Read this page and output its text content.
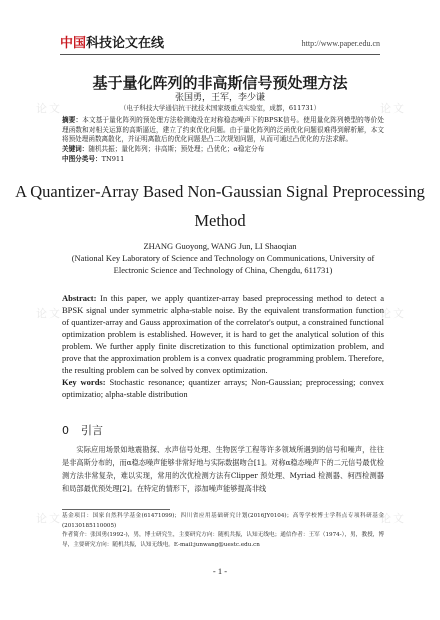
论文	论文
论文	论文
论文	论文
中国科技论文在线	http://www.paper.edu.cn
基于量化阵列的非高斯信号预处理方法
张国勇，王军，李少谦
（电子科技大学通信抗干扰技术国家级重点实验室，成都，611731）
摘要：本文基于量化阵列的预处理方法检测淹没在对称稳态噪声下的BPSK信号。使用量化阵列模型的等价处理函数和对相关运算的高斯逼近，建立了约束优化问题。由于量化阵列的泛函优化问题很难得到解析解，本文将预处理函数离散化，并证明离散后的优化问题是凸二次规划问题，从而可通过凸优化的方法求解。
关键词：随机共振；量化阵列；非高斯；预处理；凸优化；α稳定分布
中图分类号：TN911
A Quantizer-Array Based Non-Gaussian Signal Preprocessing Method
ZHANG Guoyong, WANG Jun, LI Shaoqian
(National Key Laboratory of Science and Technology on Communications, University of Electronic Science and Technology of China, Chengdu, 611731)
Abstract: In this paper, we apply quantizer-array based preprocessing method to detect a BPSK signal under symmetric alpha-stable noise. By the equivalent transformation function of quantizer-array and Gauss approximation of the correlator's output, a constrained functional optimization problem is established. However, it is hard to get the analytical solution of this problem. We further apply finite discretization to this functional optimization problem, and prove that the approximation problem is a convex quadratic programming problem. Therefore, the resulting problem can be solved by convex optimization.
Key words: Stochastic resonance; quantizer arrays; Non-Gaussian; preprocessing; convex optimizatio; alpha-stable distribution
0 引言
实际应用场景如地震勘探、水声信号处理、生物医学工程等许多领域所遇到的信号和噪声，往往是非高斯分布的，而α稳态噪声能够非常好地与实际数据吻合[1]。对称α稳态噪声下的二元信号最优检测方法非常复杂，难以实现，常用的次优检测方法有Clipper 预处理、Myriad 检测器、柯西检测器和局部最优预处理[2]。在特定的情形下，添加噪声能够提高非线
基金项目：国家自然科学基金(61471099)；四川省应用基础研究计划(2016JY0104)；高等学校博士学科点专项科研基金(20130185110005)
作者简介：张国勇(1992-)，男，博士研究生，主要研究方向：随机共振，认知无线电；通信作者：王军（1974-），男，教授，博导，主要研究方向：随机共振，认知无线电。E-mail:junwang@uestc.edu.cn
- 1 -
